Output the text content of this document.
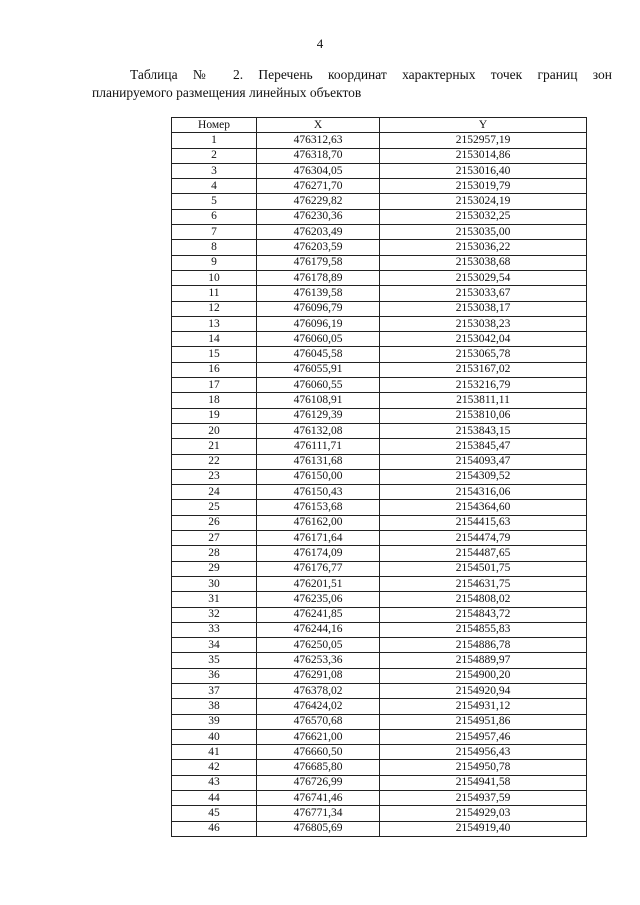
4
Таблица № 2. Перечень координат характерных точек границ зон
планируемого размещения линейных объектов
Номер	X	Y
1	476312,63	2152957,19
2	476318,70	2153014,86
3	476304,05	2153016,40
4	476271,70	2153019,79
5	476229,82	2153024,19
6	476230,36	2153032,25
7	476203,49	2153035,00
8	476203,59	2153036,22
9	476179,58	2153038,68
10	476178,89	2153029,54
11	476139,58	2153033,67
12	476096,79	2153038,17
13	476096,19	2153038,23
14	476060,05	2153042,04
15	476045,58	2153065,78
16	476055,91	2153167,02
17	476060,55	2153216,79
18	476108,91	2153811,11
19	476129,39	2153810,06
20	476132,08	2153843,15
21	476111,71	2153845,47
22	476131,68	2154093,47
23	476150,00	2154309,52
24	476150,43	2154316,06
25	476153,68	2154364,60
26	476162,00	2154415,63
27	476171,64	2154474,79
28	476174,09	2154487,65
29	476176,77	2154501,75
30	476201,51	2154631,75
31	476235,06	2154808,02
32	476241,85	2154843,72
33	476244,16	2154855,83
34	476250,05	2154886,78
35	476253,36	2154889,97
36	476291,08	2154900,20
37	476378,02	2154920,94
38	476424,02	2154931,12
39	476570,68	2154951,86
40	476621,00	2154957,46
41	476660,50	2154956,43
42	476685,80	2154950,78
43	476726,99	2154941,58
44	476741,46	2154937,59
45	476771,34	2154929,03
46	476805,69	2154919,40
